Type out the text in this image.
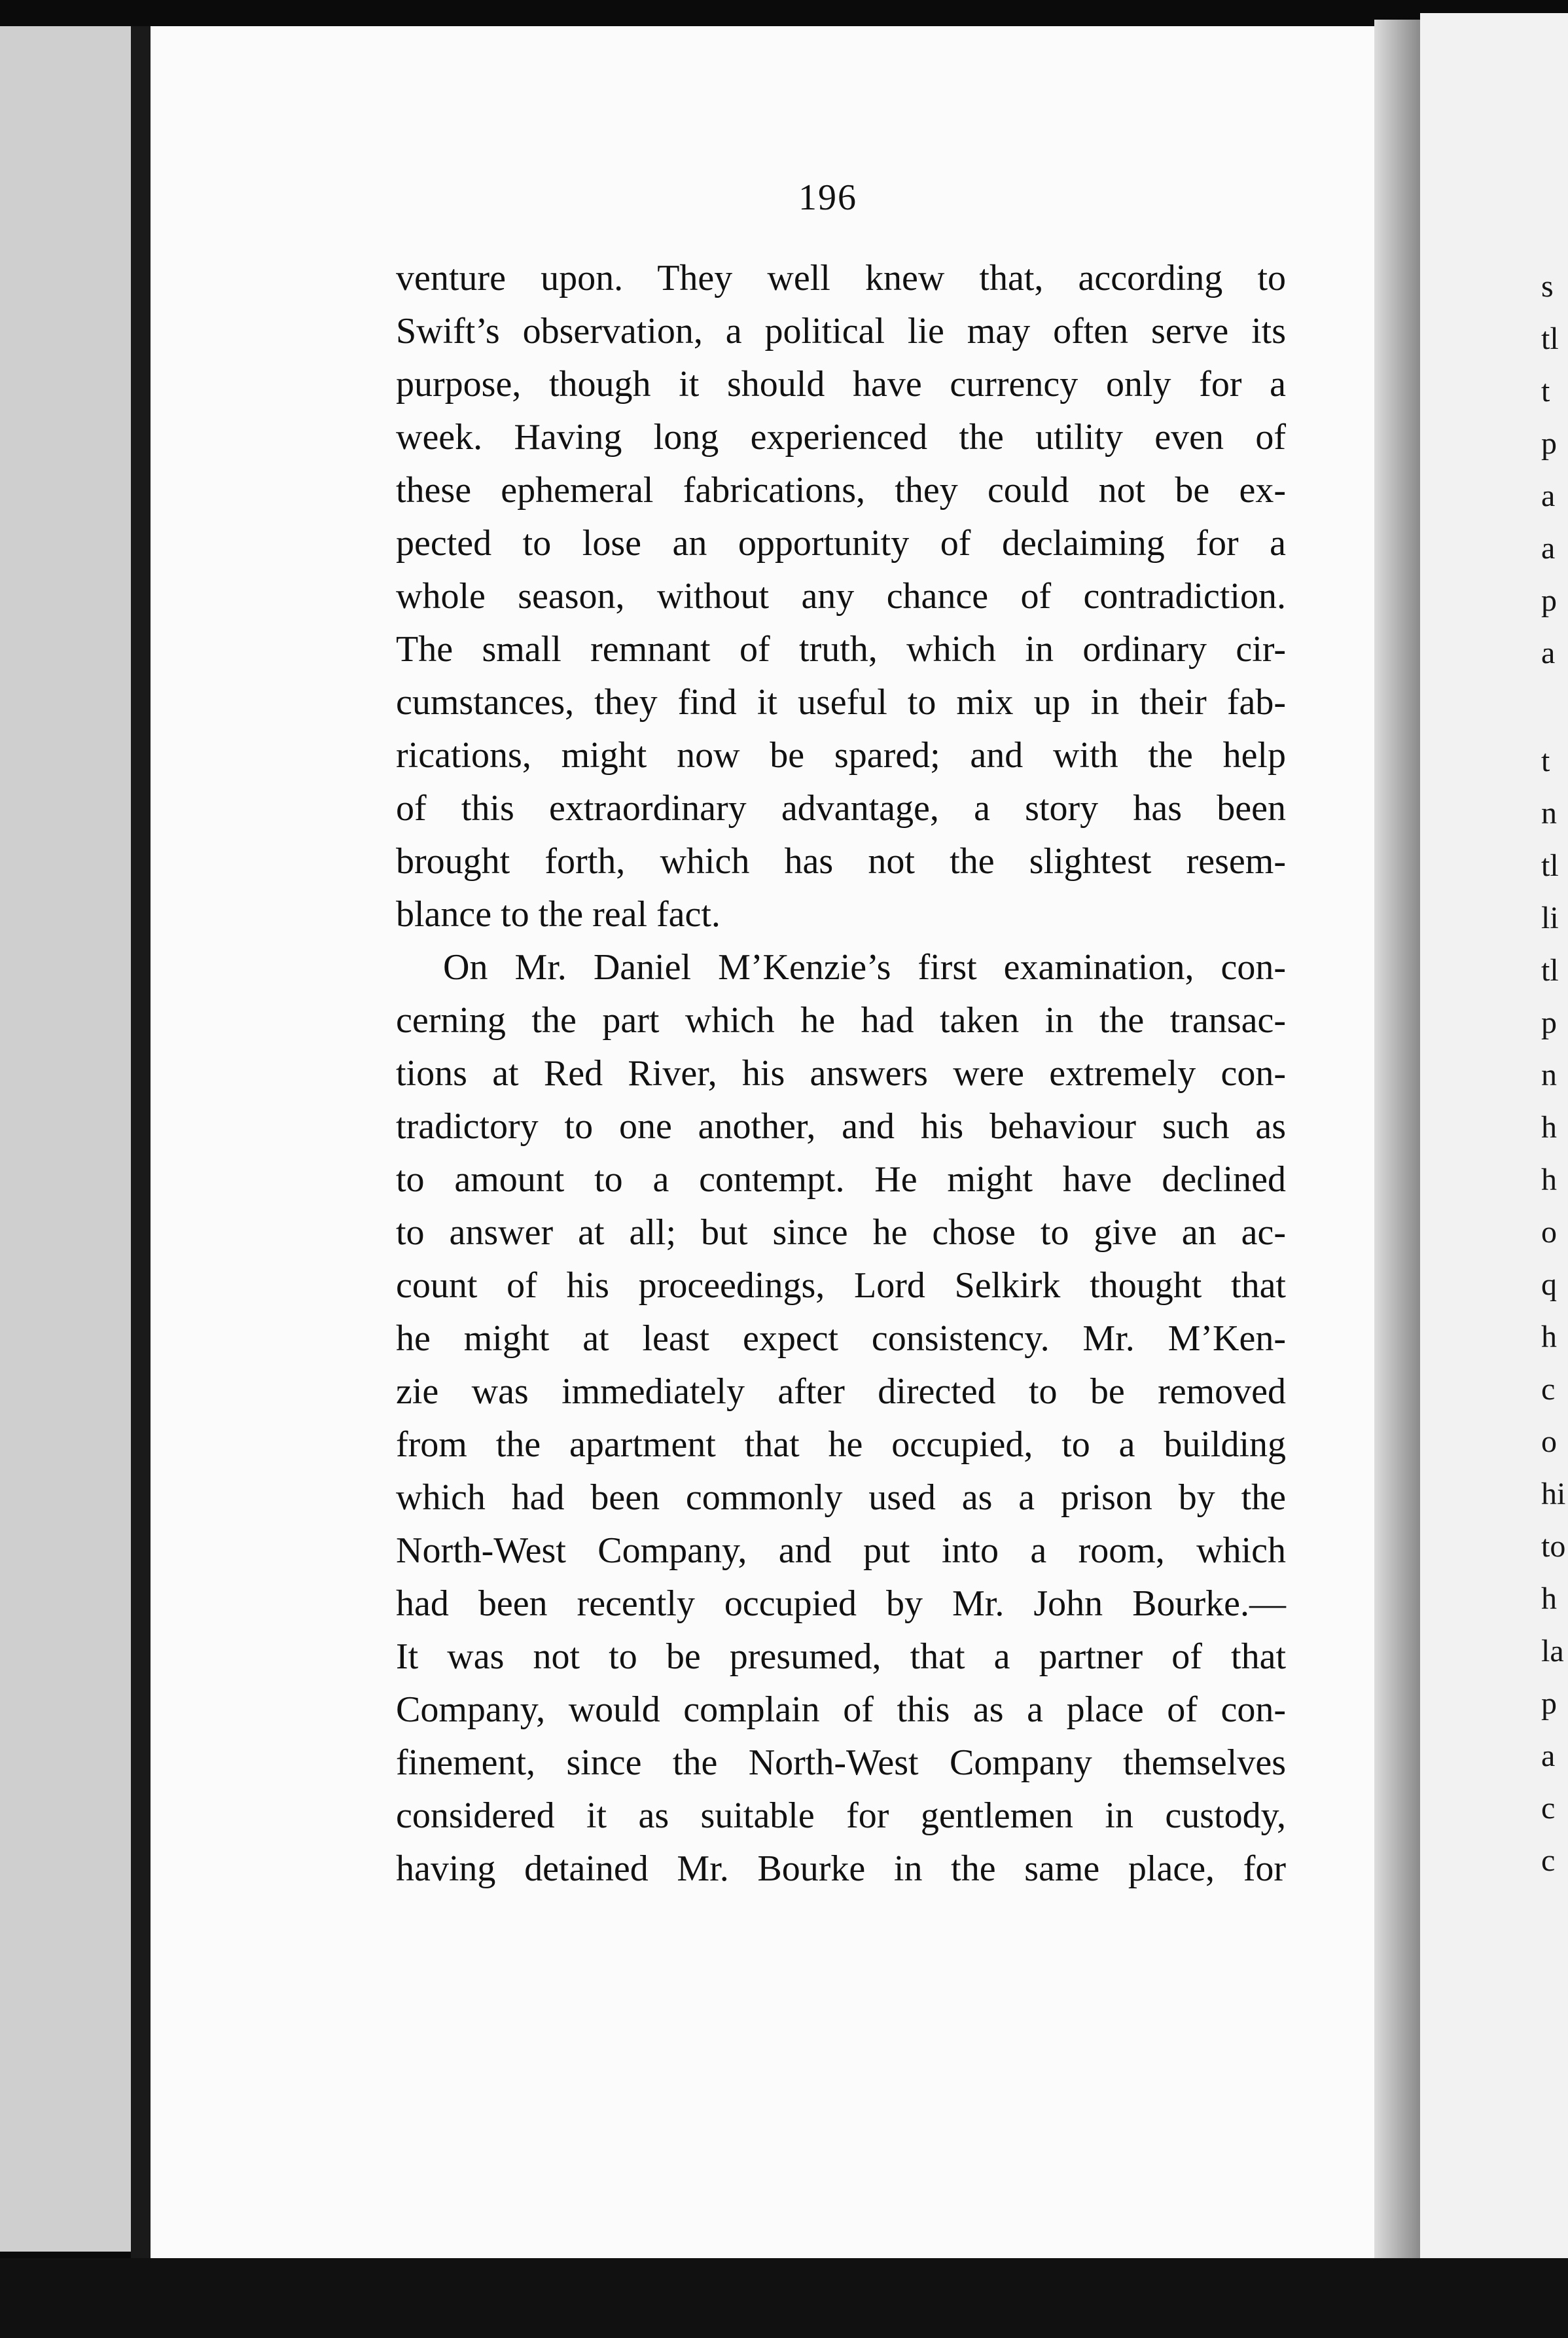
196
venture upon. They well knew that, according to
Swift’s observation, a political lie may often serve its
purpose, though it should have currency only for a
week. Having long experienced the utility even of
these ephemeral fabrications, they could not be ex-
pected to lose an opportunity of declaiming for a
whole season, without any chance of contradiction.
The small remnant of truth, which in ordinary cir-
cumstances, they find it useful to mix up in their fab-
rications, might now be spared; and with the help
of this extraordinary advantage, a story has been
brought forth, which has not the slightest resem-
blance to the real fact.
On Mr. Daniel M’Kenzie’s first examination, con-
cerning the part which he had taken in the transac-
tions at Red River, his answers were extremely con-
tradictory to one another, and his behaviour such as
to amount to a contempt. He might have declined
to answer at all; but since he chose to give an ac-
count of his proceedings, Lord Selkirk thought that
he might at least expect consistency. Mr. M’Ken-
zie was immediately after directed to be removed
from the apartment that he occupied, to a building
which had been commonly used as a prison by the
North-West Company, and put into a room, which
had been recently occupied by Mr. John Bourke.—
It was not to be presumed, that a partner of that
Company, would complain of this as a place of con-
finement, since the North-West Company themselves
considered it as suitable for gentlemen in custody,
having detained Mr. Bourke in the same place, for
s
tl
t
p
a
a
p
a
t
n
tl
li
tl
p
n
h
h
o
q
h
c
o
hi
to
h
la
p
a
c
c
